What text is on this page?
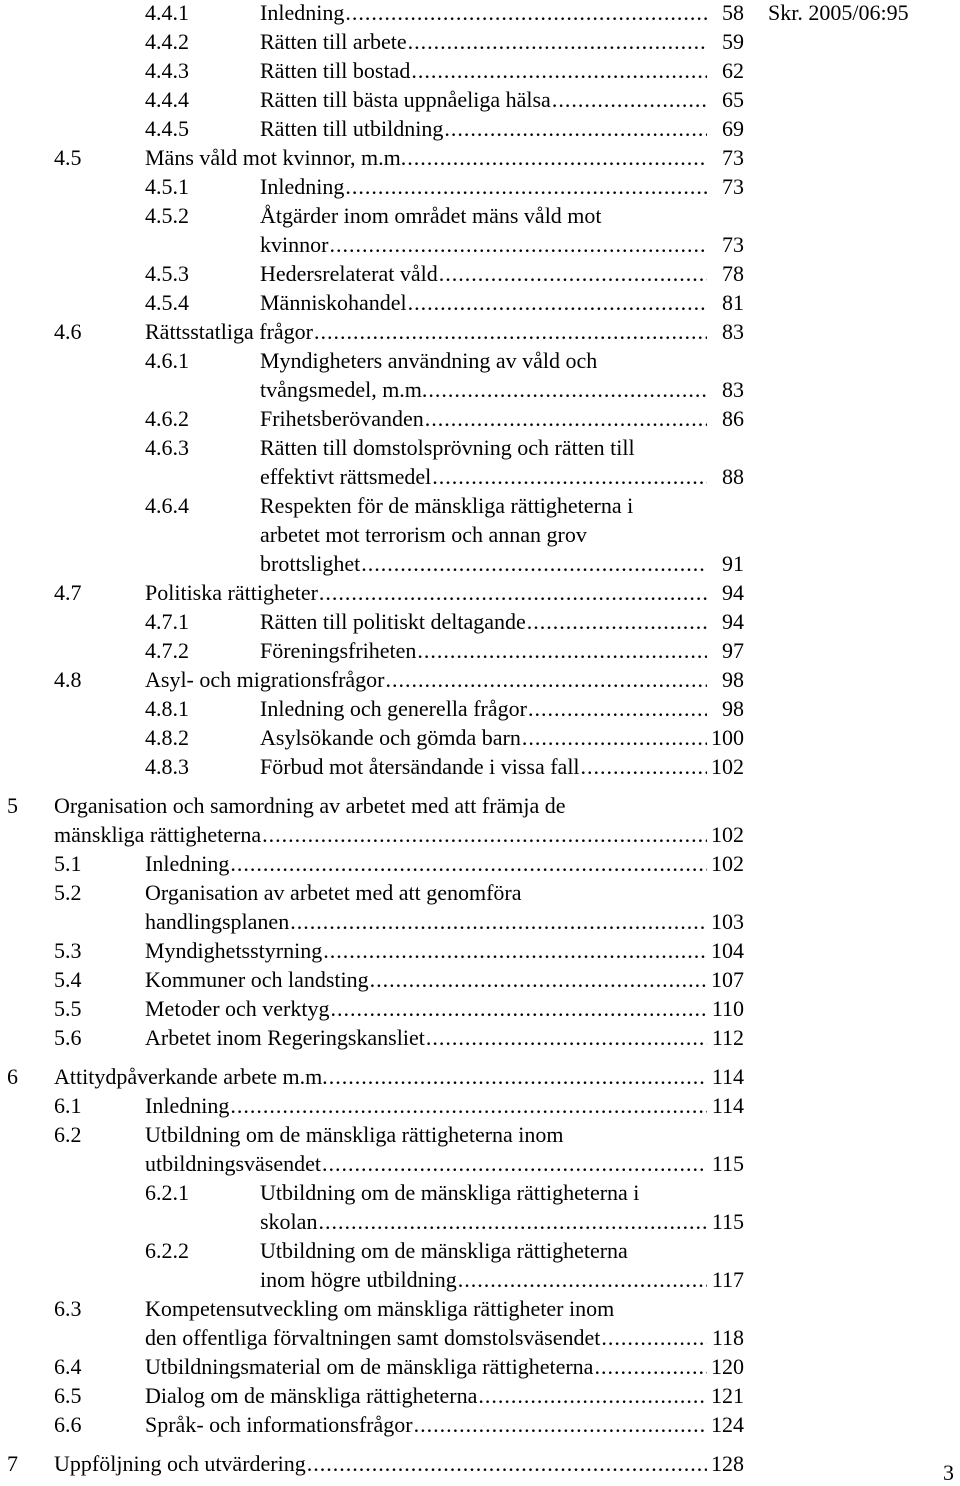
Skr. 2005/06:95
4.4.1	Inledning .....	58
4.4.2	Rätten till arbete .....	59
4.4.3	Rätten till bostad .....	62
4.4.4	Rätten till bästa uppnåeliga hälsa .....	65
4.4.5	Rätten till utbildning .....	69
4.5	Mäns våld mot kvinnor, m.m. .....	73
4.5.1	Inledning .....	73
4.5.2	Åtgärder inom området mäns våld mot
kvinnor .....	73
4.5.3	Hedersrelaterat våld .....	78
4.5.4	Människohandel .....	81
4.6	Rättsstatliga frågor .....	83
4.6.1	Myndigheters användning av våld och
tvångsmedel, m.m. .....	83
4.6.2	Frihetsberövanden .....	86
4.6.3	Rätten till domstolsprövning och rätten till
effektivt rättsmedel .....	88
4.6.4	Respekten för de mänskliga rättigheterna i
arbetet mot terrorism och annan grov
brottslighet .....	91
4.7	Politiska rättigheter .....	94
4.7.1	Rätten till politiskt deltagande .....	94
4.7.2	Föreningsfriheten .....	97
4.8	Asyl- och migrationsfrågor .....	98
4.8.1	Inledning och generella frågor .....	98
4.8.2	Asylsökande och gömda barn .....	100
4.8.3	Förbud mot återsändande i vissa fall .....	102
5 Organisation och samordning av arbetet med att främja de
mänskliga rättigheterna .....	102
5.1	Inledning .....	102
5.2	Organisation av arbetet med att genomföra
handlingsplanen .....	103
5.3	Myndighetsstyrning .....	104
5.4	Kommuner och landsting .....	107
5.5	Metoder och verktyg .....	110
5.6	Arbetet inom Regeringskansliet .....	112
6 Attitydpåverkande arbete m.m. .....	114
6.1	Inledning .....	114
6.2	Utbildning om de mänskliga rättigheterna inom
utbildningsväsendet .....	115
6.2.1	Utbildning om de mänskliga rättigheterna i
skolan .....	115
6.2.2	Utbildning om de mänskliga rättigheterna
inom högre utbildning .....	117
6.3	Kompetensutveckling om mänskliga rättigheter inom
den offentliga förvaltningen samt domstolsväsendet .....	118
6.4	Utbildningsmaterial om de mänskliga rättigheterna .....	120
6.5	Dialog om de mänskliga rättigheterna .....	121
6.6	Språk- och informationsfrågor .....	124
7 Uppföljning och utvärdering .....	128	3
